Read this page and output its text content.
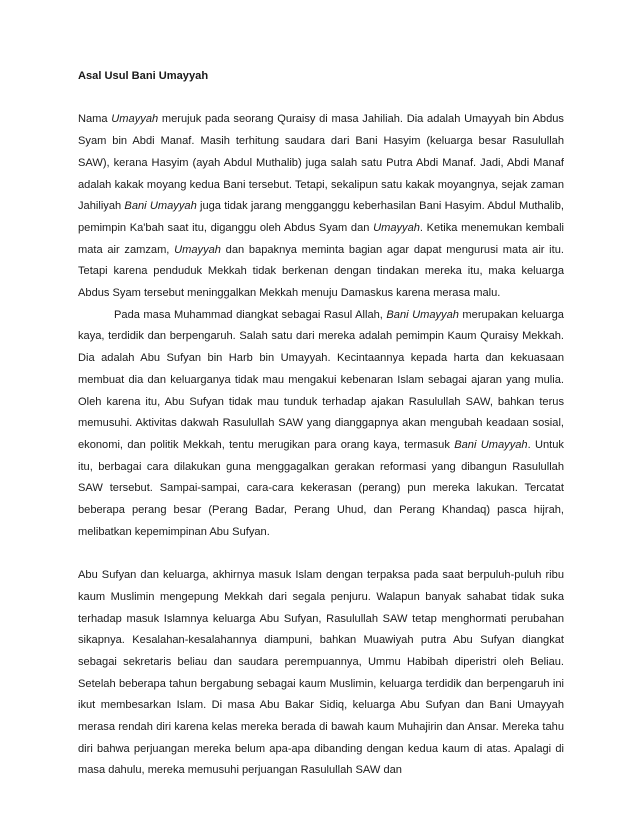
Asal Usul Bani Umayyah

Nama Umayyah merujuk pada seorang Quraisy di masa Jahiliah. Dia adalah Umayyah bin Abdus Syam bin Abdi Manaf. Masih terhitung saudara dari Bani Hasyim (keluarga besar Rasulullah SAW), kerana Hasyim (ayah Abdul Muthalib) juga salah satu Putra Abdi Manaf. Jadi, Abdi Manaf adalah kakak moyang kedua Bani tersebut. Tetapi, sekalipun satu kakak moyangnya, sejak zaman Jahiliyah Bani Umayyah juga tidak jarang mengganggu keberhasilan Bani Hasyim. Abdul Muthalib, pemimpin Ka'bah saat itu, diganggu oleh Abdus Syam dan Umayyah. Ketika menemukan kembali mata air zamzam, Umayyah dan bapaknya meminta bagian agar dapat mengurusi mata air itu. Tetapi karena penduduk Mekkah tidak berkenan dengan tindakan mereka itu, maka keluarga Abdus Syam tersebut meninggalkan Mekkah menuju Damaskus karena merasa malu.

Pada masa Muhammad diangkat sebagai Rasul Allah, Bani Umayyah merupakan keluarga kaya, terdidik dan berpengaruh. Salah satu dari mereka adalah pemimpin Kaum Quraisy Mekkah. Dia adalah Abu Sufyan bin Harb bin Umayyah. Kecintaannya kepada harta dan kekuasaan membuat dia dan keluarganya tidak mau mengakui kebenaran Islam sebagai ajaran yang mulia. Oleh karena itu, Abu Sufyan tidak mau tunduk terhadap ajakan Rasulullah SAW, bahkan terus memusuhi. Aktivitas dakwah Rasulullah SAW yang dianggapnya akan mengubah keadaan sosial, ekonomi, dan politik Mekkah, tentu merugikan para orang kaya, termasuk Bani Umayyah. Untuk itu, berbagai cara dilakukan guna menggagalkan gerakan reformasi yang dibangun Rasulullah SAW tersebut. Sampai-sampai, cara-cara kekerasan (perang) pun mereka lakukan. Tercatat beberapa perang besar (Perang Badar, Perang Uhud, dan Perang Khandaq) pasca hijrah, melibatkan kepemimpinan Abu Sufyan.

Abu Sufyan dan keluarga, akhirnya masuk Islam dengan terpaksa pada saat berpuluh-puluh ribu kaum Muslimin mengepung Mekkah dari segala penjuru. Walapun banyak sahabat tidak suka terhadap masuk Islamnya keluarga Abu Sufyan, Rasulullah SAW tetap menghormati perubahan sikapnya. Kesalahan-kesalahannya diampuni, bahkan Muawiyah putra Abu Sufyan diangkat sebagai sekretaris beliau dan saudara perempuannya, Ummu Habibah diperistri oleh Beliau. Setelah beberapa tahun bergabung sebagai kaum Muslimin, keluarga terdidik dan berpengaruh ini ikut membesarkan Islam. Di masa Abu Bakar Sidiq, keluarga Abu Sufyan dan Bani Umayyah merasa rendah diri karena kelas mereka berada di bawah kaum Muhajirin dan Ansar. Mereka tahu diri bahwa perjuangan mereka belum apa-apa dibanding dengan kedua kaum di atas. Apalagi di masa dahulu, mereka memusuhi perjuangan Rasulullah SAW dan
